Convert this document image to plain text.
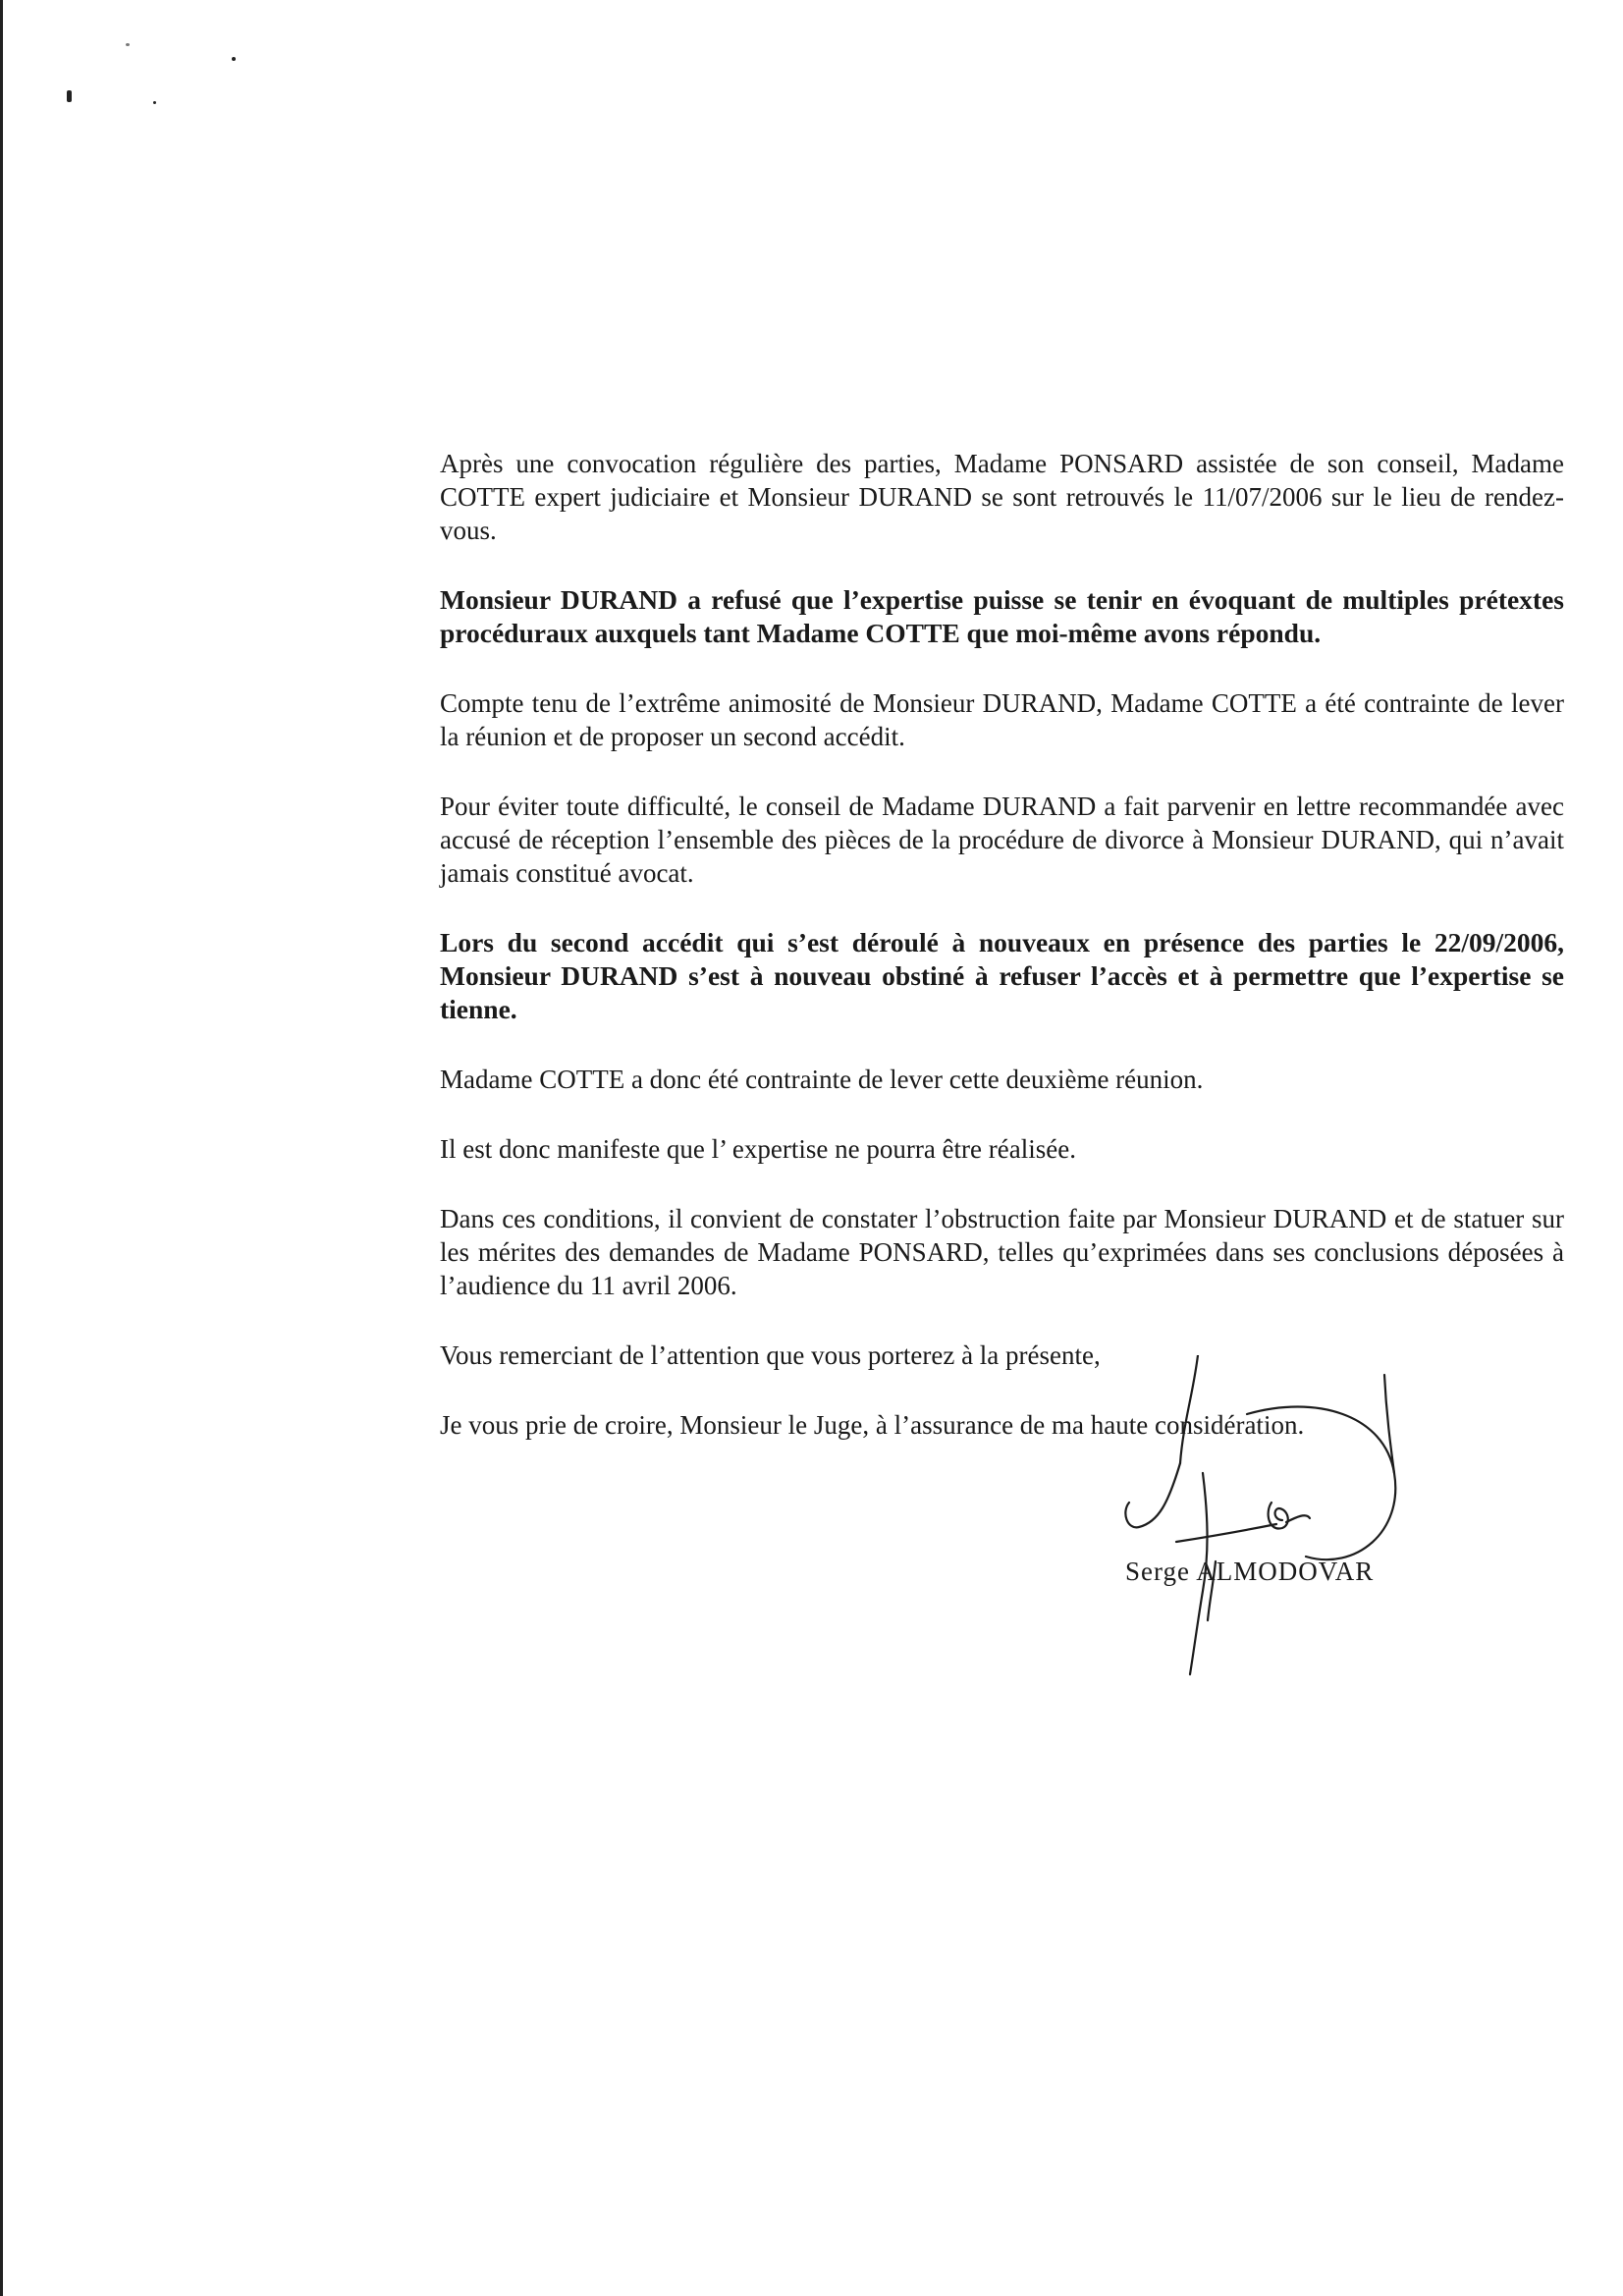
Après une convocation régulière des parties, Madame PONSARD assistée de son conseil, Madame COTTE expert judiciaire et Monsieur DURAND se sont retrouvés le 11/07/2006 sur le lieu de rendez-vous.

Monsieur DURAND a refusé que l’expertise puisse se tenir en évoquant de multiples prétextes procéduraux auxquels tant Madame COTTE que moi-même avons répondu.

Compte tenu de l’extrême animosité de Monsieur DURAND, Madame COTTE a été contrainte de lever la réunion et de proposer un second accédit.

Pour éviter toute difficulté, le conseil de Madame DURAND a fait parvenir en lettre recommandée avec accusé de réception l’ensemble des pièces de la procédure de divorce à Monsieur DURAND, qui n’avait jamais constitué avocat.

Lors du second accédit qui s’est déroulé à nouveaux en présence des parties le 22/09/2006, Monsieur DURAND s’est à nouveau obstiné à refuser l’accès et à permettre que l’expertise se tienne.

Madame COTTE a donc été contrainte de lever cette deuxième réunion.

Il est donc manifeste que l’ expertise ne pourra être réalisée.

Dans ces conditions, il convient de constater l’obstruction faite par Monsieur DURAND et de statuer sur les mérites des demandes de Madame PONSARD, telles qu’exprimées dans ses conclusions déposées à l’audience du 11 avril 2006.

Vous remerciant de l’attention que vous porterez à la présente,

Je vous prie de croire, Monsieur le Juge, à l’assurance de ma haute considération.

Serge ALMODOVAR
